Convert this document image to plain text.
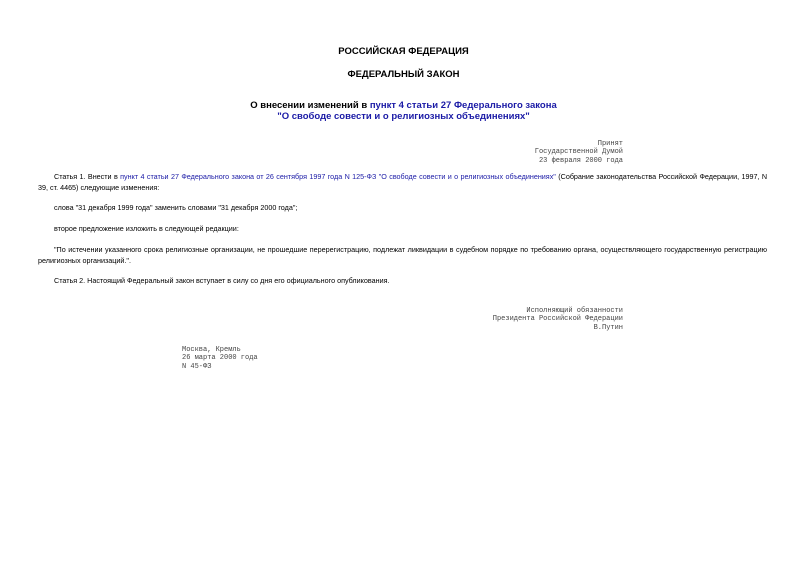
РОССИЙСКАЯ ФЕДЕРАЦИЯ
ФЕДЕРАЛЬНЫЙ ЗАКОН
О внесении изменений в пункт 4 статьи 27 Федерального закона
"О свободе совести и о религиозных объединениях"
Принят
Государственной Думой
23 февраля 2000 года

Статья 1. Внести в пункт 4 статьи 27 Федерального закона от 26 сентября 1997 года N 125-ФЗ "О свободе совести и о религиозных объединениях" (Собрание законодательства Российской Федерации, 1997, N 39, ст. 4465) следующие изменения:

слова "31 декабря 1999 года" заменить словами "31 декабря 2000 года";

второе предложение изложить в следующей редакции:

"По истечении указанного срока религиозные организации, не прошедшие перерегистрацию, подлежат ликвидации в судебном порядке по требованию органа, осуществляющего государственную регистрацию религиозных организаций.".

Статья 2. Настоящий Федеральный закон вступает в силу со дня его официального опубликования.

Исполняющий обязанности
Президента Российской Федерации
В.Путин
Москва, Кремль
26 марта 2000 года
N 45-ФЗ
